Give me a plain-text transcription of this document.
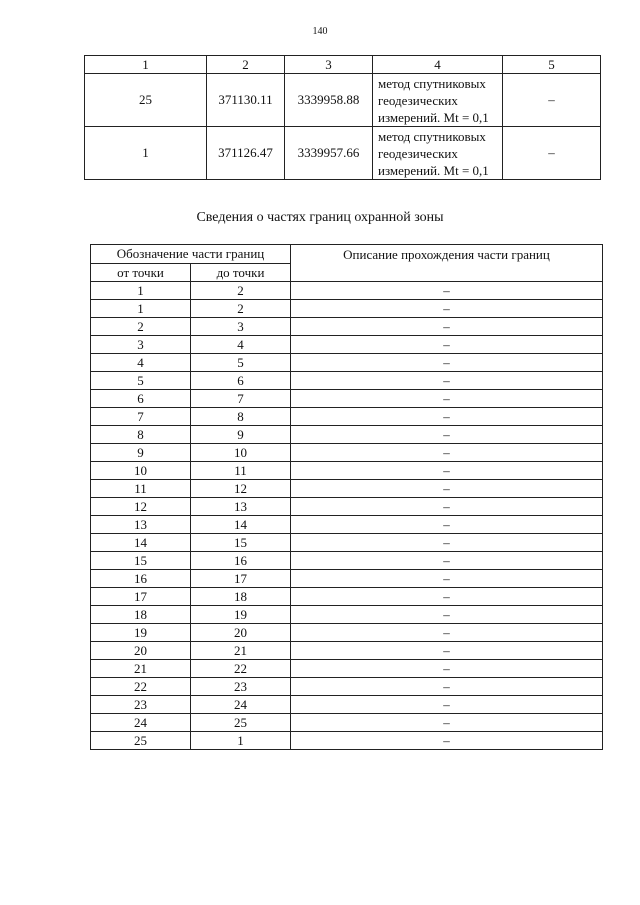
140
1	2	3	4	5
25	371130.11	3339958.88	метод спутниковых
геодезических
измерений. Mt = 0,1	–
1	371126.47	3339957.66	метод спутниковых
геодезических
измерений. Mt = 0,1	–
Сведения о частях границ охранной зоны
Обозначение части границ		Описание прохождения части границ
от точки	до точки	
1	2	–
1	2	–
2	3	–
3	4	–
4	5	–
5	6	–
6	7	–
7	8	–
8	9	–
9	10	–
10	11	–
11	12	–
12	13	–
13	14	–
14	15	–
15	16	–
16	17	–
17	18	–
18	19	–
19	20	–
20	21	–
21	22	–
22	23	–
23	24	–
24	25	–
25	1	–
